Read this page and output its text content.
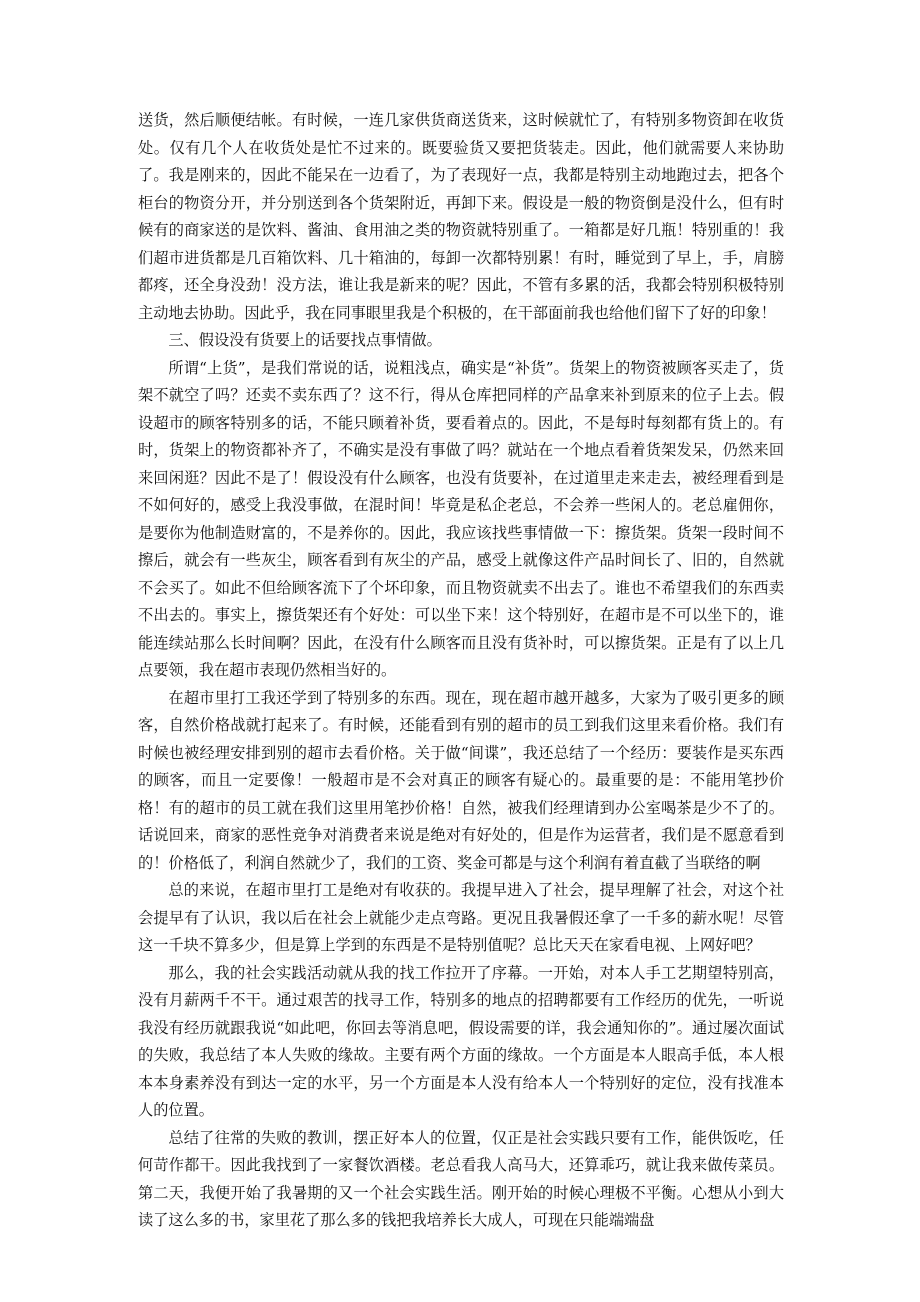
送货，然后顺便结帐。有时候，一连几家供货商送货来，这时候就忙了，有特别多物资卸在收货处。仅有几个人在收货处是忙不过来的。既要验货又要把货装走。因此，他们就需要人来协助了。我是刚来的，因此不能呆在一边看了，为了表现好一点，我都是特别主动地跑过去，把各个柜台的物资分开，并分别送到各个货架附近，再卸下来。假设是一般的物资倒是没什么，但有时候有的商家送的是饮料、酱油、食用油之类的物资就特别重了。一箱都是好几瓶！特别重的！我们超市进货都是几百箱饮料、几十箱油的，每卸一次都特别累！有时，睡觉到了早上，手，肩膀都疼，还全身没劲！没方法，谁让我是新来的呢？因此，不管有多累的活，我都会特别积极特别主动地去协助。因此乎，我在同事眼里我是个积极的，在干部面前我也给他们留下了好的印象！

三、假设没有货要上的话要找点事情做。

所谓“上货”，是我们常说的话，说粗浅点，确实是“补货”。货架上的物资被顾客买走了，货架不就空了吗？还卖不卖东西了？这不行，得从仓库把同样的产品拿来补到原来的位子上去。假设超市的顾客特别多的话，不能只顾着补货，要看着点的。因此，不是每时每刻都有货上的。有时，货架上的物资都补齐了，不确实是没有事做了吗？就站在一个地点看着货架发呆，仍然来回来回闲逛？因此不是了！假设没有什么顾客，也没有货要补，在过道里走来走去，被经理看到是不如何好的，感受上我没事做，在混时间！毕竟是私企老总，不会养一些闲人的。老总雇佣你，是要你为他制造财富的，不是养你的。因此，我应该找些事情做一下：擦货架。货架一段时间不擦后，就会有一些灰尘，顾客看到有灰尘的产品，感受上就像这件产品时间长了、旧的，自然就不会买了。如此不但给顾客流下了个坏印象，而且物资就卖不出去了。谁也不希望我们的东西卖不出去的。事实上，擦货架还有个好处：可以坐下来！这个特别好，在超市是不可以坐下的，谁能连续站那么长时间啊？因此，在没有什么顾客而且没有货补时，可以擦货架。正是有了以上几点要领，我在超市表现仍然相当好的。

在超市里打工我还学到了特别多的东西。现在，现在超市越开越多，大家为了吸引更多的顾客，自然价格战就打起来了。有时候，还能看到有别的超市的员工到我们这里来看价格。我们有时候也被经理安排到别的超市去看价格。关于做“间谍”，我还总结了一个经历：要装作是买东西的顾客，而且一定要像！一般超市是不会对真正的顾客有疑心的。最重要的是：不能用笔抄价格！有的超市的员工就在我们这里用笔抄价格！自然，被我们经理请到办公室喝茶是少不了的。话说回来，商家的恶性竞争对消费者来说是绝对有好处的，但是作为运营者，我们是不愿意看到的！价格低了，利润自然就少了，我们的工资、奖金可都是与这个利润有着直截了当联络的啊

总的来说，在超市里打工是绝对有收获的。我提早进入了社会，提早理解了社会，对这个社会提早有了认识，我以后在社会上就能少走点弯路。更况且我暑假还拿了一千多的薪水呢！尽管这一千块不算多少，但是算上学到的东西是不是特别值呢？总比天天在家看电视、上网好吧？

那么，我的社会实践活动就从我的找工作拉开了序幕。一开始，对本人手工艺期望特别高，没有月薪两千不干。通过艰苦的找寻工作，特别多的地点的招聘都要有工作经历的优先，一听说我没有经历就跟我说“如此吧，你回去等消息吧，假设需要的详，我会通知你的”。通过屡次面试的失败，我总结了本人失败的缘故。主要有两个方面的缘故。一个方面是本人眼高手低，本人根本本身素养没有到达一定的水平，另一个方面是本人没有给本人一个特别好的定位，没有找准本人的位置。

总结了往常的失败的教训，摆正好本人的位置，仅正是社会实践只要有工作，能供饭吃，任何苛作都干。因此我找到了一家餐饮酒楼。老总看我人高马大，还算乖巧，就让我来做传菜员。第二天，我便开始了我暑期的又一个社会实践生活。刚开始的时候心理极不平衡。心想从小到大读了这么多的书，家里花了那么多的钱把我培养长大成人，可现在只能端端盘
